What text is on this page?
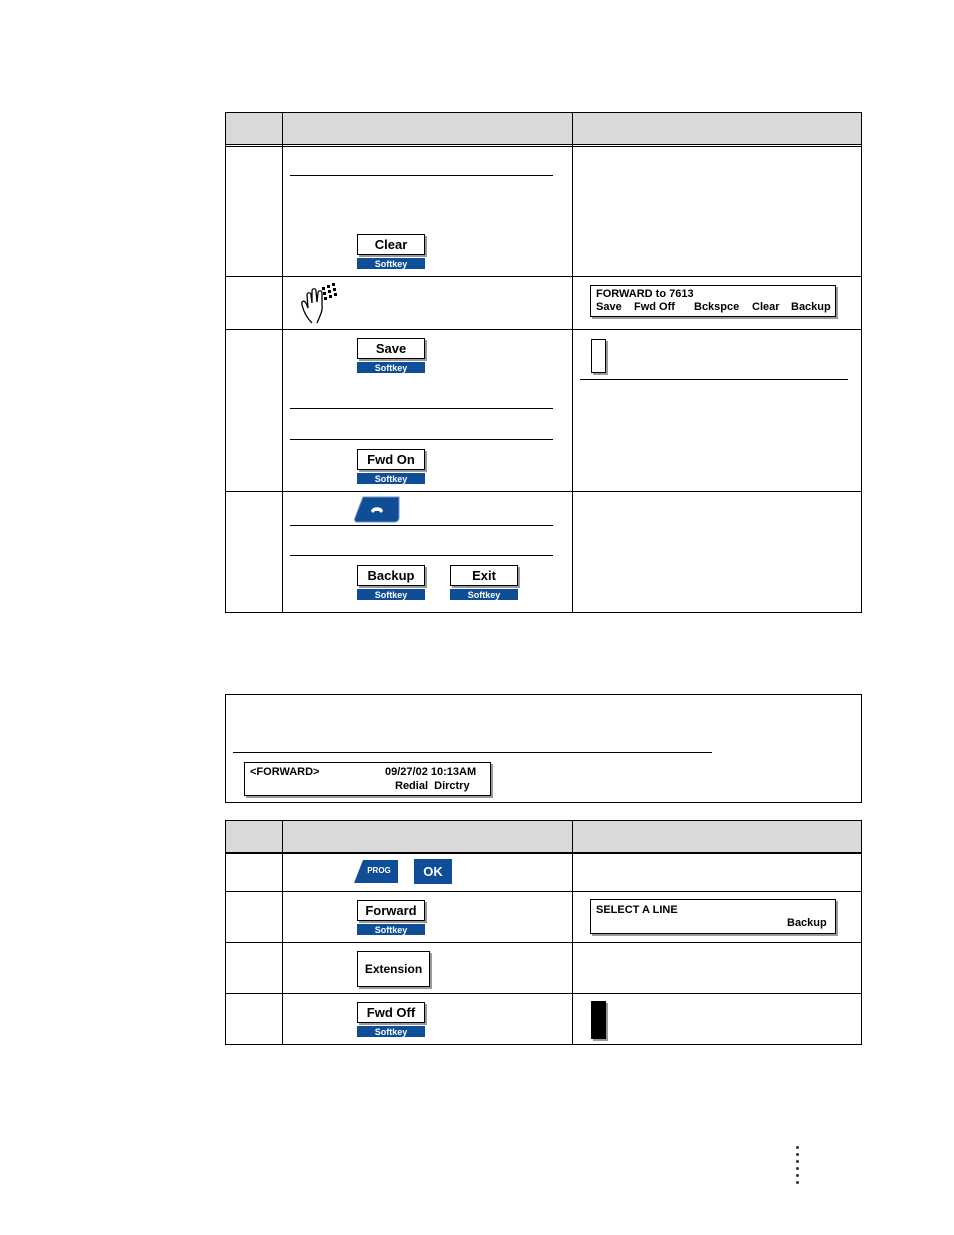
Clear
Softkey
FORWARD to 7613
Save Fwd Off Bckspce Clear Backup
Save
Softkey
Fwd On
Softkey
Backup
Softkey
Exit
Softkey
<FORWARD>	09/27/02 10:13AM
Redial  Dirctry
PROG	OK
Forward
Softkey
SELECT A LINE
Backup
Extension
Fwd Off
Softkey
